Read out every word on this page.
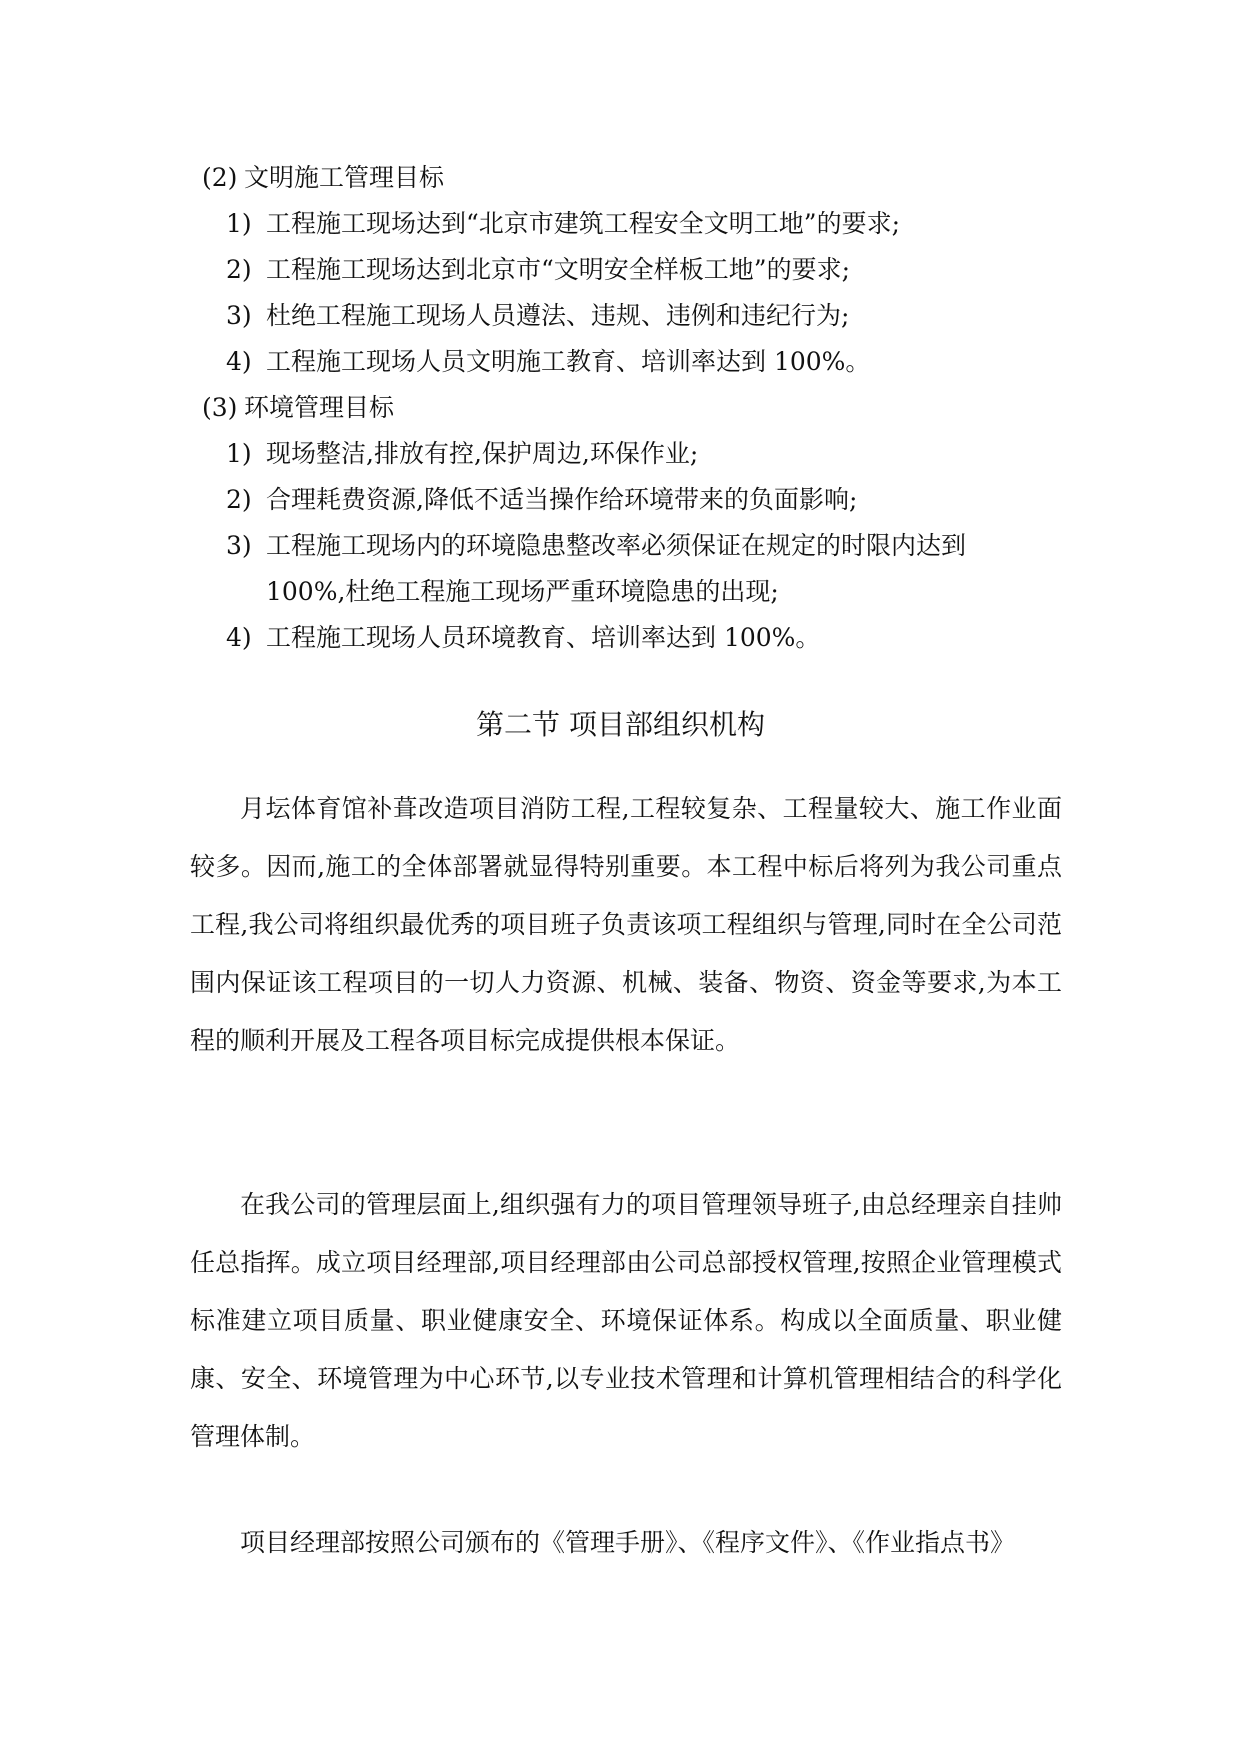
(2) 文明施工管理目标
1) 工程施工现场达到“北京市建筑工程安全文明工地”的要求;
2) 工程施工现场达到北京市“文明安全样板工地”的要求;
3) 杜绝工程施工现场人员遵法、违规、违例和违纪行为;
4) 工程施工现场人员文明施工教育、培训率达到 100%。
(3) 环境管理目标
1) 现场整洁,排放有控,保护周边,环保作业;
2) 合理耗费资源,降低不适当操作给环境带来的负面影响;
3) 工程施工现场内的环境隐患整改率必须保证在规定的时限内达到
100%,杜绝工程施工现场严重环境隐患的出现;
4) 工程施工现场人员环境教育、培训率达到 100%。
第二节 项目部组织机构

月坛体育馆补葺改造项目消防工程,工程较复杂、工程量较大、施工作业面较多。因而,施工的全体部署就显得特别重要。本工程中标后将列为我公司重点工程,我公司将组织最优秀的项目班子负责该项工程组织与管理,同时在全公司范围内保证该工程项目的一切人力资源、机械、装备、物资、资金等要求,为本工程的顺利开展及工程各项目标完成提供根本保证。

在我公司的管理层面上,组织强有力的项目管理领导班子,由总经理亲自挂帅任总指挥。成立项目经理部,项目经理部由公司总部授权管理,按照企业管理模式标准建立项目质量、职业健康安全、环境保证体系。构成以全面质量、职业健康、安全、环境管理为中心环节,以专业技术管理和计算机管理相结合的科学化管理体制。

项目经理部按照公司颁布的《管理手册》、《程序文件》、《作业指点书》
